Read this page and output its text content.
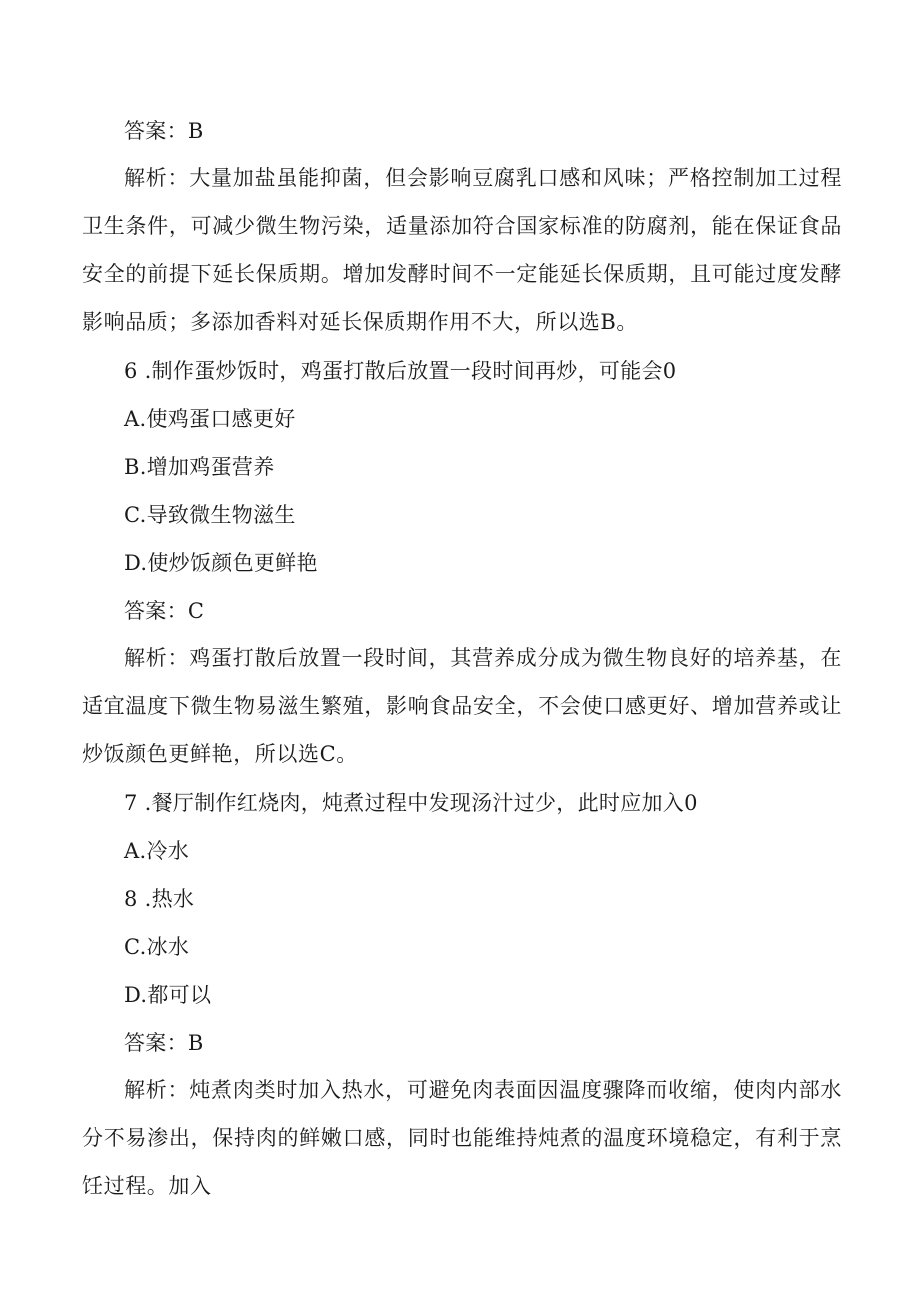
答案：B
解析：大量加盐虽能抑菌，但会影响豆腐乳口感和风味；严格控制加工过程卫生条件，可减少微生物污染，适量添加符合国家标准的防腐剂，能在保证食品安全的前提下延长保质期。增加发酵时间不一定能延长保质期，且可能过度发酵影响品质；多添加香料对延长保质期作用不大，所以选B。
6 .制作蛋炒饭时，鸡蛋打散后放置一段时间再炒，可能会0
A.使鸡蛋口感更好
B.增加鸡蛋营养
C.导致微生物滋生
D.使炒饭颜色更鲜艳
答案：C
解析：鸡蛋打散后放置一段时间，其营养成分成为微生物良好的培养基，在适宜温度下微生物易滋生繁殖，影响食品安全，不会使口感更好、增加营养或让炒饭颜色更鲜艳，所以选C。
7 .餐厅制作红烧肉，炖煮过程中发现汤汁过少，此时应加入0
A.冷水
8 .热水
C.冰水
D.都可以
答案：B
解析：炖煮肉类时加入热水，可避免肉表面因温度骤降而收缩，使肉内部水分不易渗出，保持肉的鲜嫩口感，同时也能维持炖煮的温度环境稳定，有利于烹饪过程。加入
